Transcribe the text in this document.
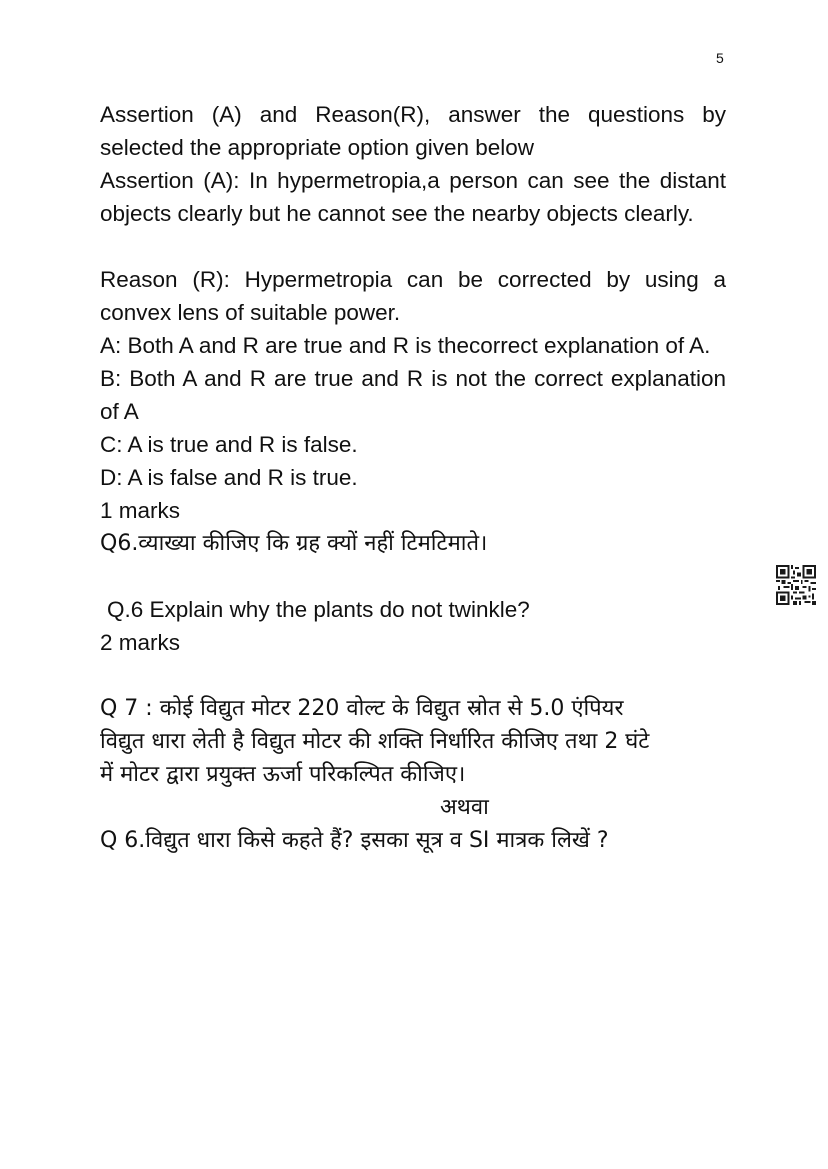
5

Assertion (A) and Reason(R), answer the questions by selected the appropriate option given below

Assertion (A): In hypermetropia,a person can see the distant objects clearly but he cannot see the nearby objects clearly.

Reason (R): Hypermetropia can be corrected by using a convex lens of suitable power.

A: Both A and R are true and R is thecorrect explanation of A.

B: Both A and R are true and R is not the correct explanation of A

C: A is true and R is false.

D: A is false and R is true.

1 marks

Q6.व्याख्या कीजिए कि ग्रह क्यों नहीं टिमटिमाते।

Q.6 Explain why the plants do not twinkle?

2 marks

Q 7 : कोई विद्युत मोटर 220 वोल्ट के विद्युत स्रोत से 5.0 एंपियर विद्युत धारा लेती है विद्युत मोटर की शक्ति निर्धारित कीजिए तथा 2 घंटे में मोटर द्वारा प्रयुक्त ऊर्जा परिकल्पित कीजिए।

अथवा

Q 6.विद्युत धारा किसे कहते हैं? इसका सूत्र व SI मात्रक लिखें ?
